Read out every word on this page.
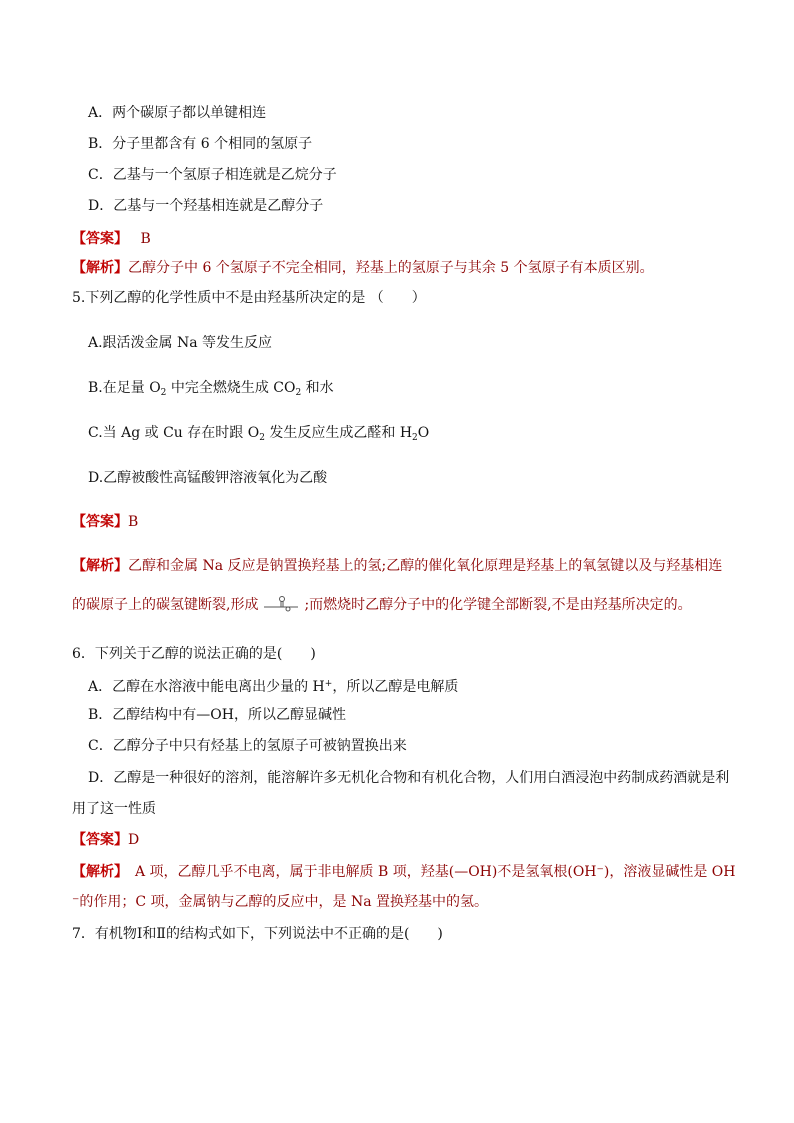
A．两个碳原子都以单键相连
B．分子里都含有 6 个相同的氢原子
C．乙基与一个氢原子相连就是乙烷分子
D．乙基与一个羟基相连就是乙醇分子
【答案】 B
【解析】乙醇分子中 6 个氢原子不完全相同，羟基上的氢原子与其余 5 个氢原子有本质区别。
5.下列乙醇的化学性质中不是由羟基所决定的是 （　　）
A.跟活泼金属 Na 等发生反应
B.在足量 $O_2$ 中完全燃烧生成 $CO_2$ 和水
C.当 Ag 或 Cu 存在时跟 $O_2$ 发生反应生成乙醛和 $H_2O$
D.乙醇被酸性高锰酸钾溶液氧化为乙酸
【答案】B
【解析】乙醇和金属 Na 反应是钠置换羟基上的氢;乙醇的催化氧化原理是羟基上的氧氢键以及与羟基相连
的碳原子上的碳氢键断裂,形成	;而燃烧时乙醇分子中的化学键全部断裂,不是由羟基所决定的。
6．下列关于乙醇的说法正确的是(　　)
A．乙醇在水溶液中能电离出少量的 H+，所以乙醇是电解质
B．乙醇结构中有—OH，所以乙醇显碱性
C．乙醇分子中只有烃基上的氢原子可被钠置换出来
D．乙醇是一种很好的溶剂，能溶解许多无机化合物和有机化合物，人们用白酒浸泡中药制成药酒就是利
用了这一性质
【答案】D
【解析】　A 项，乙醇几乎不电离，属于非电解质 B 项，羟基(—OH)不是氢氧根(OH⁻)，溶液显碱性是 OH
⁻的作用；C 项，金属钠与乙醇的反应中，是 Na 置换羟基中的氢。
7．有机物Ⅰ和Ⅱ的结构式如下，下列说法中不正确的是(　　)
